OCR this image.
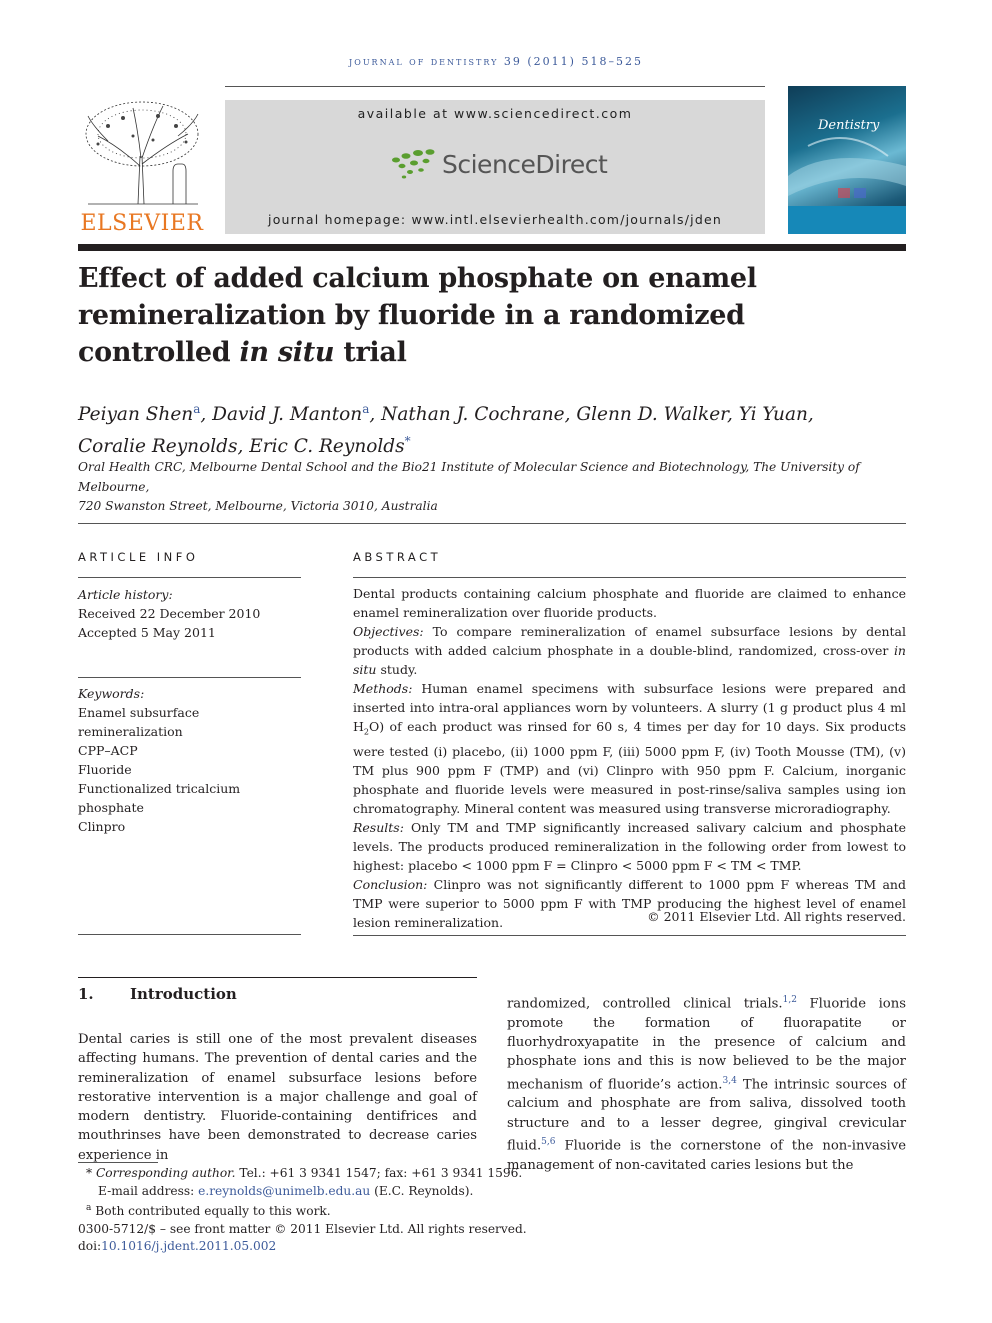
journal of dentistry 39 (2011) 518–525
ELSEVIER
available at www.sciencedirect.com
ScienceDirect
journal homepage: www.intl.elsevierhealth.com/journals/jden
Dentistry
Effect of added calcium phosphate on enamel
remineralization by fluoride in a randomized
controlled in situ trial
Peiyan Shen$^a$, David J. Manton$^a$, Nathan J. Cochrane, Glenn D. Walker, Yi Yuan,
Coralie Reynolds, Eric C. Reynolds*
Oral Health CRC, Melbourne Dental School and the Bio21 Institute of Molecular Science and Biotechnology, The University of Melbourne,
720 Swanston Street, Melbourne, Victoria 3010, Australia
ARTICLE INFO
Article history:
Received 22 December 2010
Accepted 5 May 2011
Keywords:
Enamel subsurface remineralization
CPP–ACP
Fluoride
Functionalized tricalcium
phosphate
Clinpro
ABSTRACT

Dental products containing calcium phosphate and fluoride are claimed to enhance enamel remineralization over fluoride products.

Objectives: To compare remineralization of enamel subsurface lesions by dental products with added calcium phosphate in a double-blind, randomized, cross-over in situ study.

Methods: Human enamel specimens with subsurface lesions were prepared and inserted into intra-oral appliances worn by volunteers. A slurry (1 g product plus 4 ml $H_2O$) of each product was rinsed for 60 s, 4 times per day for 10 days. Six products were tested (i) placebo, (ii) 1000 ppm F, (iii) 5000 ppm F, (iv) Tooth Mousse (TM), (v) TM plus 900 ppm F (TMP) and (vi) Clinpro with 950 ppm F. Calcium, inorganic phosphate and fluoride levels were measured in post-rinse/saliva samples using ion chromatography. Mineral content was measured using transverse microradiography.

Results: Only TM and TMP significantly increased salivary calcium and phosphate levels. The products produced remineralization in the following order from lowest to highest: placebo < 1000 ppm F = Clinpro < 5000 ppm F < TM < TMP.

Conclusion: Clinpro was not significantly different to 1000 ppm F whereas TM and TMP were superior to 5000 ppm F with TMP producing the highest level of enamel lesion remineralization.	© 2011 Elsevier Ltd. All rights reserved.
1. Introduction

Dental caries is still one of the most prevalent diseases affecting humans. The prevention of dental caries and the remineralization of enamel subsurface lesions before restorative intervention is a major challenge and goal of modern dentistry. Fluoride-containing dentifrices and mouthrinses have been demonstrated to decrease caries experience in

randomized, controlled clinical trials.$^{1,2}$ Fluoride ions promote the formation of fluorapatite or fluorhydroxyapatite in the presence of calcium and phosphate ions and this is now believed to be the major mechanism of fluoride’s action.$^{3,4}$ The intrinsic sources of calcium and phosphate are from saliva, dissolved tooth structure and to a lesser degree, gingival crevicular fluid.$^{5,6}$ Fluoride is the cornerstone of the non-invasive management of non-cavitated caries lesions but the

* Corresponding author. Tel.: +61 3 9341 1547; fax: +61 3 9341 1596.

E-mail address: e.reynolds@unimelb.edu.au (E.C. Reynolds).

$^a$ Both contributed equally to this work.

0300-5712/$ – see front matter © 2011 Elsevier Ltd. All rights reserved.

doi:10.1016/j.jdent.2011.05.002
